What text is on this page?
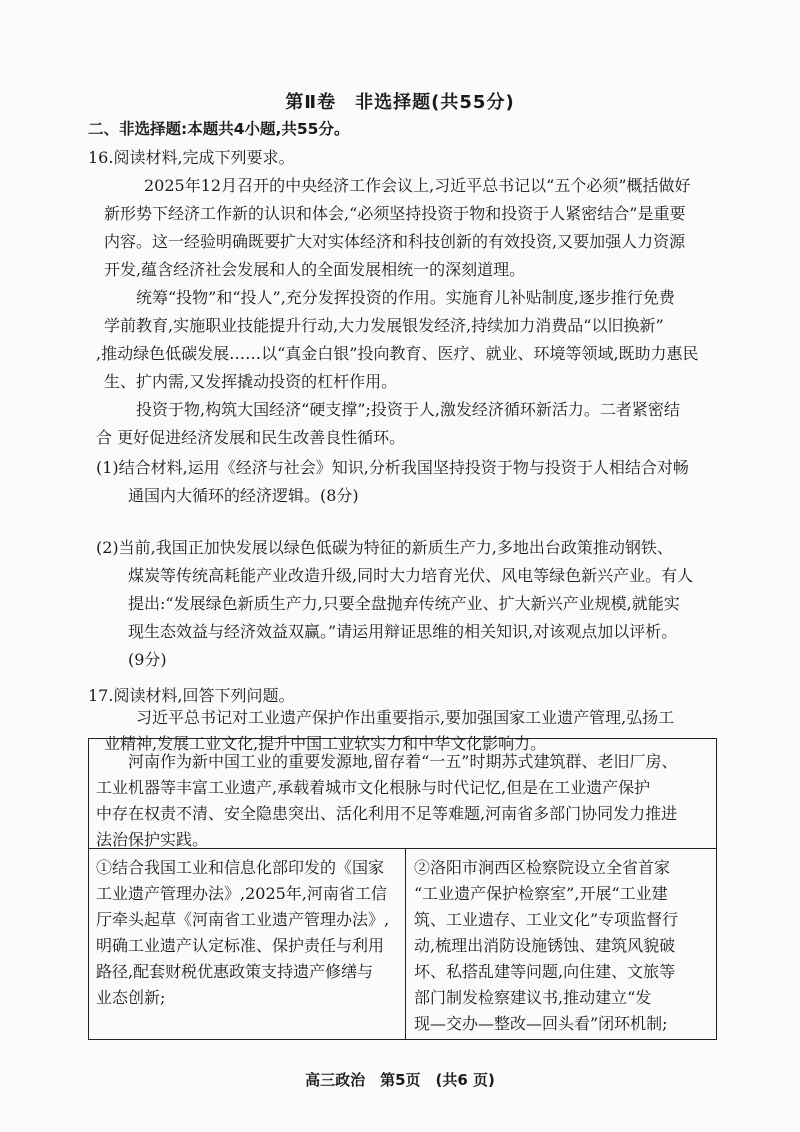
第Ⅱ卷　非选择题(共55分)
二、非选择题:本题共4小题,共55分。
16.阅读材料,完成下列要求。
2025年12月召开的中央经济工作会议上,习近平总书记以“五个必须”概括做好
新形势下经济工作新的认识和体会,“必须坚持投资于物和投资于人紧密结合”是重要
内容。这一经验明确既要扩大对实体经济和科技创新的有效投资,又要加强人力资源
开发,蕴含经济社会发展和人的全面发展相统一的深刻道理。
统筹“投物”和“投人”,充分发挥投资的作用。实施育儿补贴制度,逐步推行免费
学前教育,实施职业技能提升行动,大力发展银发经济,持续加力消费品“以旧换新”
,推动绿色低碳发展……以“真金白银”投向教育、医疗、就业、环境等领域,既助力惠民
生、扩内需,又发挥撬动投资的杠杆作用。
投资于物,构筑大国经济“硬支撑”;投资于人,激发经济循环新活力。二者紧密结
合 更好促进经济发展和民生改善良性循环。
(1)结合材料,运用《经济与社会》知识,分析我国坚持投资于物与投资于人相结合对畅
通国内大循环的经济逻辑。(8分)
(2)当前,我国正加快发展以绿色低碳为特征的新质生产力,多地出台政策推动钢铁、
煤炭等传统高耗能产业改造升级,同时大力培育光伏、风电等绿色新兴产业。有人
提出:“发展绿色新质生产力,只要全盘抛弃传统产业、扩大新兴产业规模,就能实
现生态效益与经济效益双赢。”请运用辩证思维的相关知识,对该观点加以评析。
(9分)
17.阅读材料,回答下列问题。
习近平总书记对工业遗产保护作出重要指示,要加强国家工业遗产管理,弘扬工
业精神,发展工业文化,提升中国工业软实力和中华文化影响力。
河南作为新中国工业的重要发源地,留存着“一五”时期苏式建筑群、老旧厂房、
工业机器等丰富工业遗产,承载着城市文化根脉与时代记忆,但是在工业遗产保护
中存在权责不清、安全隐患突出、活化利用不足等难题,河南省多部门协同发力推进
法治保护实践。
①结合我国工业和信息化部印发的《国家
工业遗产管理办法》,2025年,河南省工信
厅牵头起草《河南省工业遗产管理办法》,
明确工业遗产认定标准、保护责任与利用
路径,配套财税优惠政策支持遗产修缮与
业态创新;
②洛阳市涧西区检察院设立全省首家
“工业遗产保护检察室”,开展“工业建
筑、工业遗存、工业文化”专项监督行
动,梳理出消防设施锈蚀、建筑风貌破
坏、私搭乱建等问题,向住建、文旅等
部门制发检察建议书,推动建立“发
现—交办—整改—回头看”闭环机制;
高三政治　第5页　(共6 页)
